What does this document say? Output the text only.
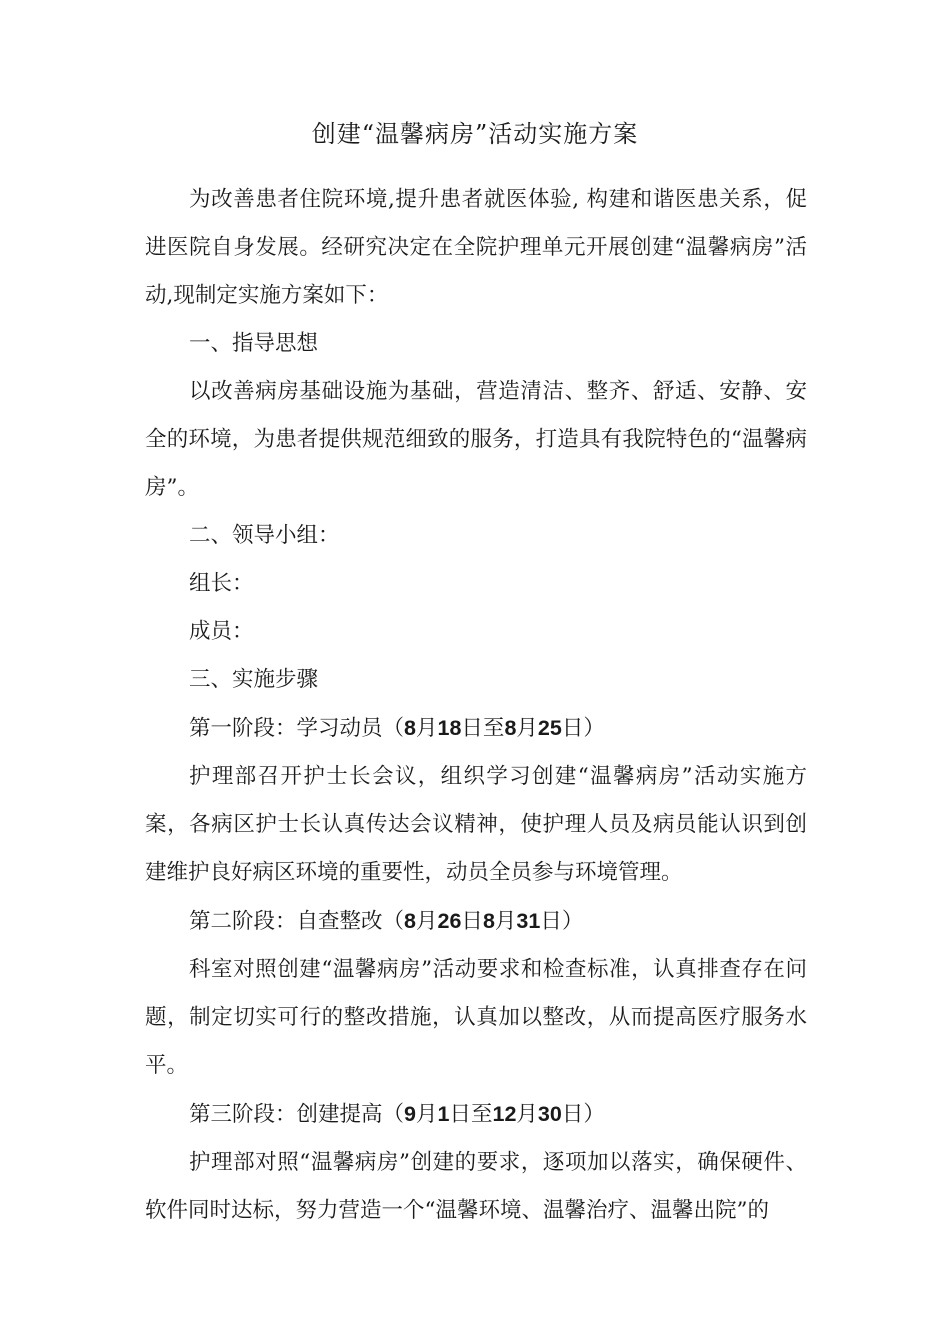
创建“温馨病房”活动实施方案

为改善患者住院环境,提升患者就医体验, 构建和谐医患关系，促进医院自身发展。经研究决定在全院护理单元开展创建“温馨病房”活动,现制定实施方案如下：

一、指导思想

以改善病房基础设施为基础，营造清洁、整齐、舒适、安静、安全的环境，为患者提供规范细致的服务，打造具有我院特色的“温馨病房”。

二、领导小组：

组长：

成员：

三、实施步骤

第一阶段：学习动员（8月18日至8月25日）

护理部召开护士长会议，组织学习创建“温馨病房”活动实施方案，各病区护士长认真传达会议精神，使护理人员及病员能认识到创建维护良好病区环境的重要性，动员全员参与环境管理。

第二阶段：自查整改（8月26日8月31日）

科室对照创建“温馨病房”活动要求和检查标准，认真排查存在问题，制定切实可行的整改措施，认真加以整改，从而提高医疗服务水平。

第三阶段：创建提高（9月1日至12月30日）

护理部对照“温馨病房”创建的要求，逐项加以落实，确保硬件、软件同时达标，努力营造一个“温馨环境、温馨治疗、温馨出院”的
